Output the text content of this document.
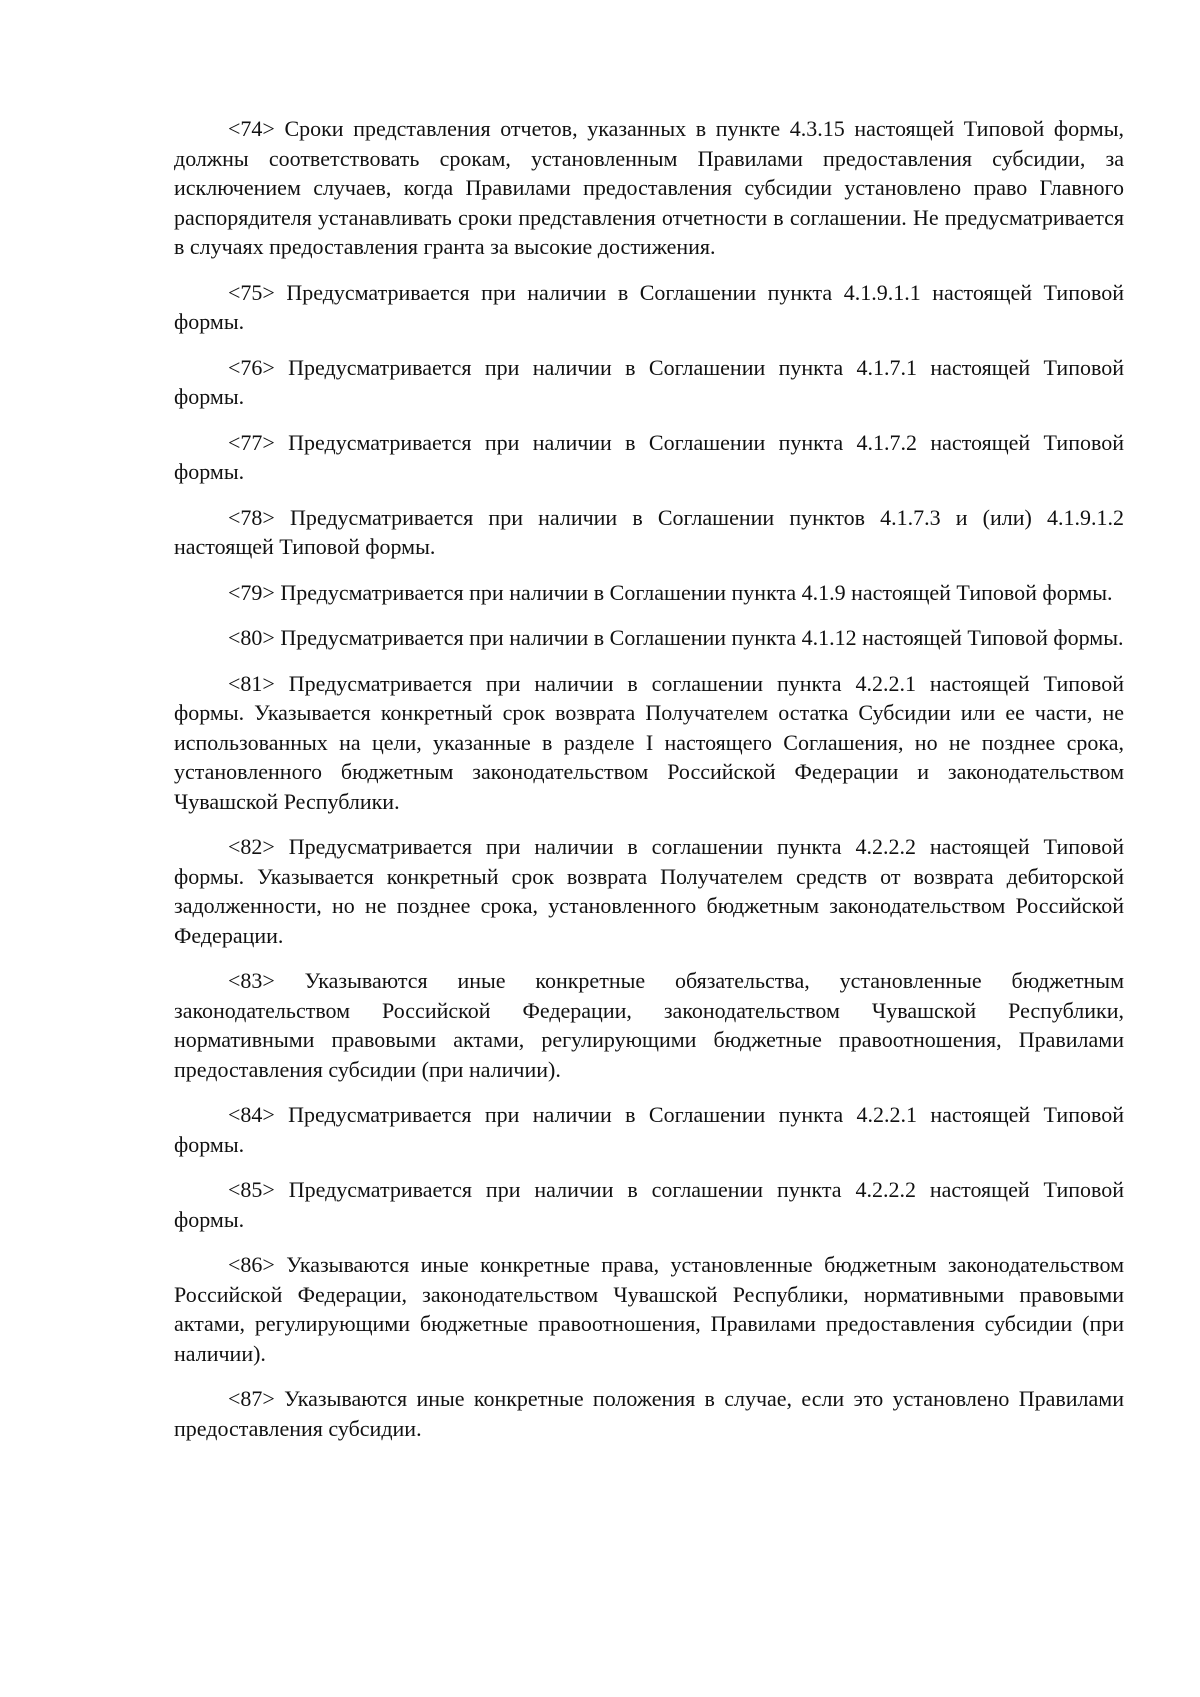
<74> Сроки представления отчетов, указанных в пункте 4.3.15 настоящей Типовой формы, должны соответствовать срокам, установленным Правилами предоставления субсидии, за исключением случаев, когда Правилами предоставления субсидии установлено право Главного распорядителя устанавливать сроки представления отчетности в соглашении. Не предусматривается в случаях предоставления гранта за высокие достижения.

<75> Предусматривается при наличии в Соглашении пункта 4.1.9.1.1 настоящей Типовой формы.

<76> Предусматривается при наличии в Соглашении пункта 4.1.7.1 настоящей Типовой формы.

<77> Предусматривается при наличии в Соглашении пункта 4.1.7.2 настоящей Типовой формы.

<78> Предусматривается при наличии в Соглашении пунктов 4.1.7.3 и (или) 4.1.9.1.2 настоящей Типовой формы.

<79> Предусматривается при наличии в Соглашении пункта 4.1.9 настоящей Типовой формы.

<80> Предусматривается при наличии в Соглашении пункта 4.1.12 настоящей Типовой формы.

<81> Предусматривается при наличии в соглашении пункта 4.2.2.1 настоящей Типовой формы. Указывается конкретный срок возврата Получателем остатка Субсидии или ее части, не использованных на цели, указанные в разделе I настоящего Соглашения, но не позднее срока, установленного бюджетным законодательством Российской Федерации и законодательством Чувашской Республики.

<82> Предусматривается при наличии в соглашении пункта 4.2.2.2 настоящей Типовой формы. Указывается конкретный срок возврата Получателем средств от возврата дебиторской задолженности, но не позднее срока, установленного бюджетным законодательством Российской Федерации.

<83> Указываются иные конкретные обязательства, установленные бюджетным законодательством Российской Федерации, законодательством Чувашской Республики, нормативными правовыми актами, регулирующими бюджетные правоотношения, Правилами предоставления субсидии (при наличии).

<84> Предусматривается при наличии в Соглашении пункта 4.2.2.1 настоящей Типовой формы.

<85> Предусматривается при наличии в соглашении пункта 4.2.2.2 настоящей Типовой формы.

<86> Указываются иные конкретные права, установленные бюджетным законодательством Российской Федерации, законодательством Чувашской Республики, нормативными правовыми актами, регулирующими бюджетные правоотношения, Правилами предоставления субсидии (при наличии).

<87> Указываются иные конкретные положения в случае, если это установлено Правилами предоставления субсидии.
